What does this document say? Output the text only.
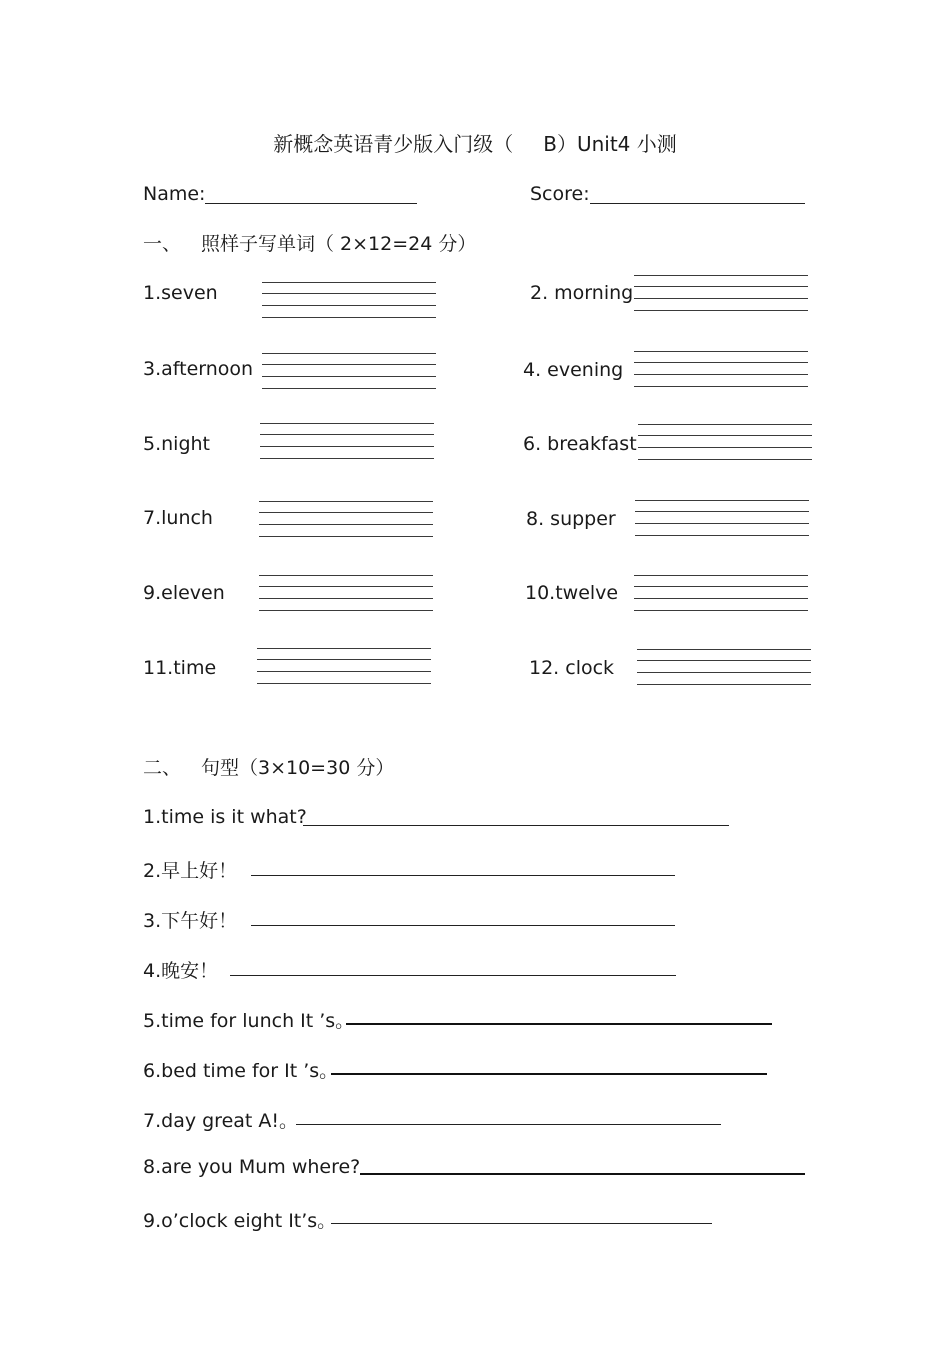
新概念英语青少版入门级（ B）Unit4 小测
Name:	Score:
一、 照样子写单词（ 2×12=24 分）
1.seven
3.afternoon
5.night
7.lunch
9.eleven
11.time
2. morning
4. evening
6. breakfast
8. supper
10.twelve
12. clock
二、 句型（3×10=30 分）
1.time is it what?
2.早上好！
3.下午好！
4.晚安！
5.time for lunch It ’s。
6.bed time for It ’s。
7.day great A!。
8.are you Mum where?
9.o’clock eight It’s。
